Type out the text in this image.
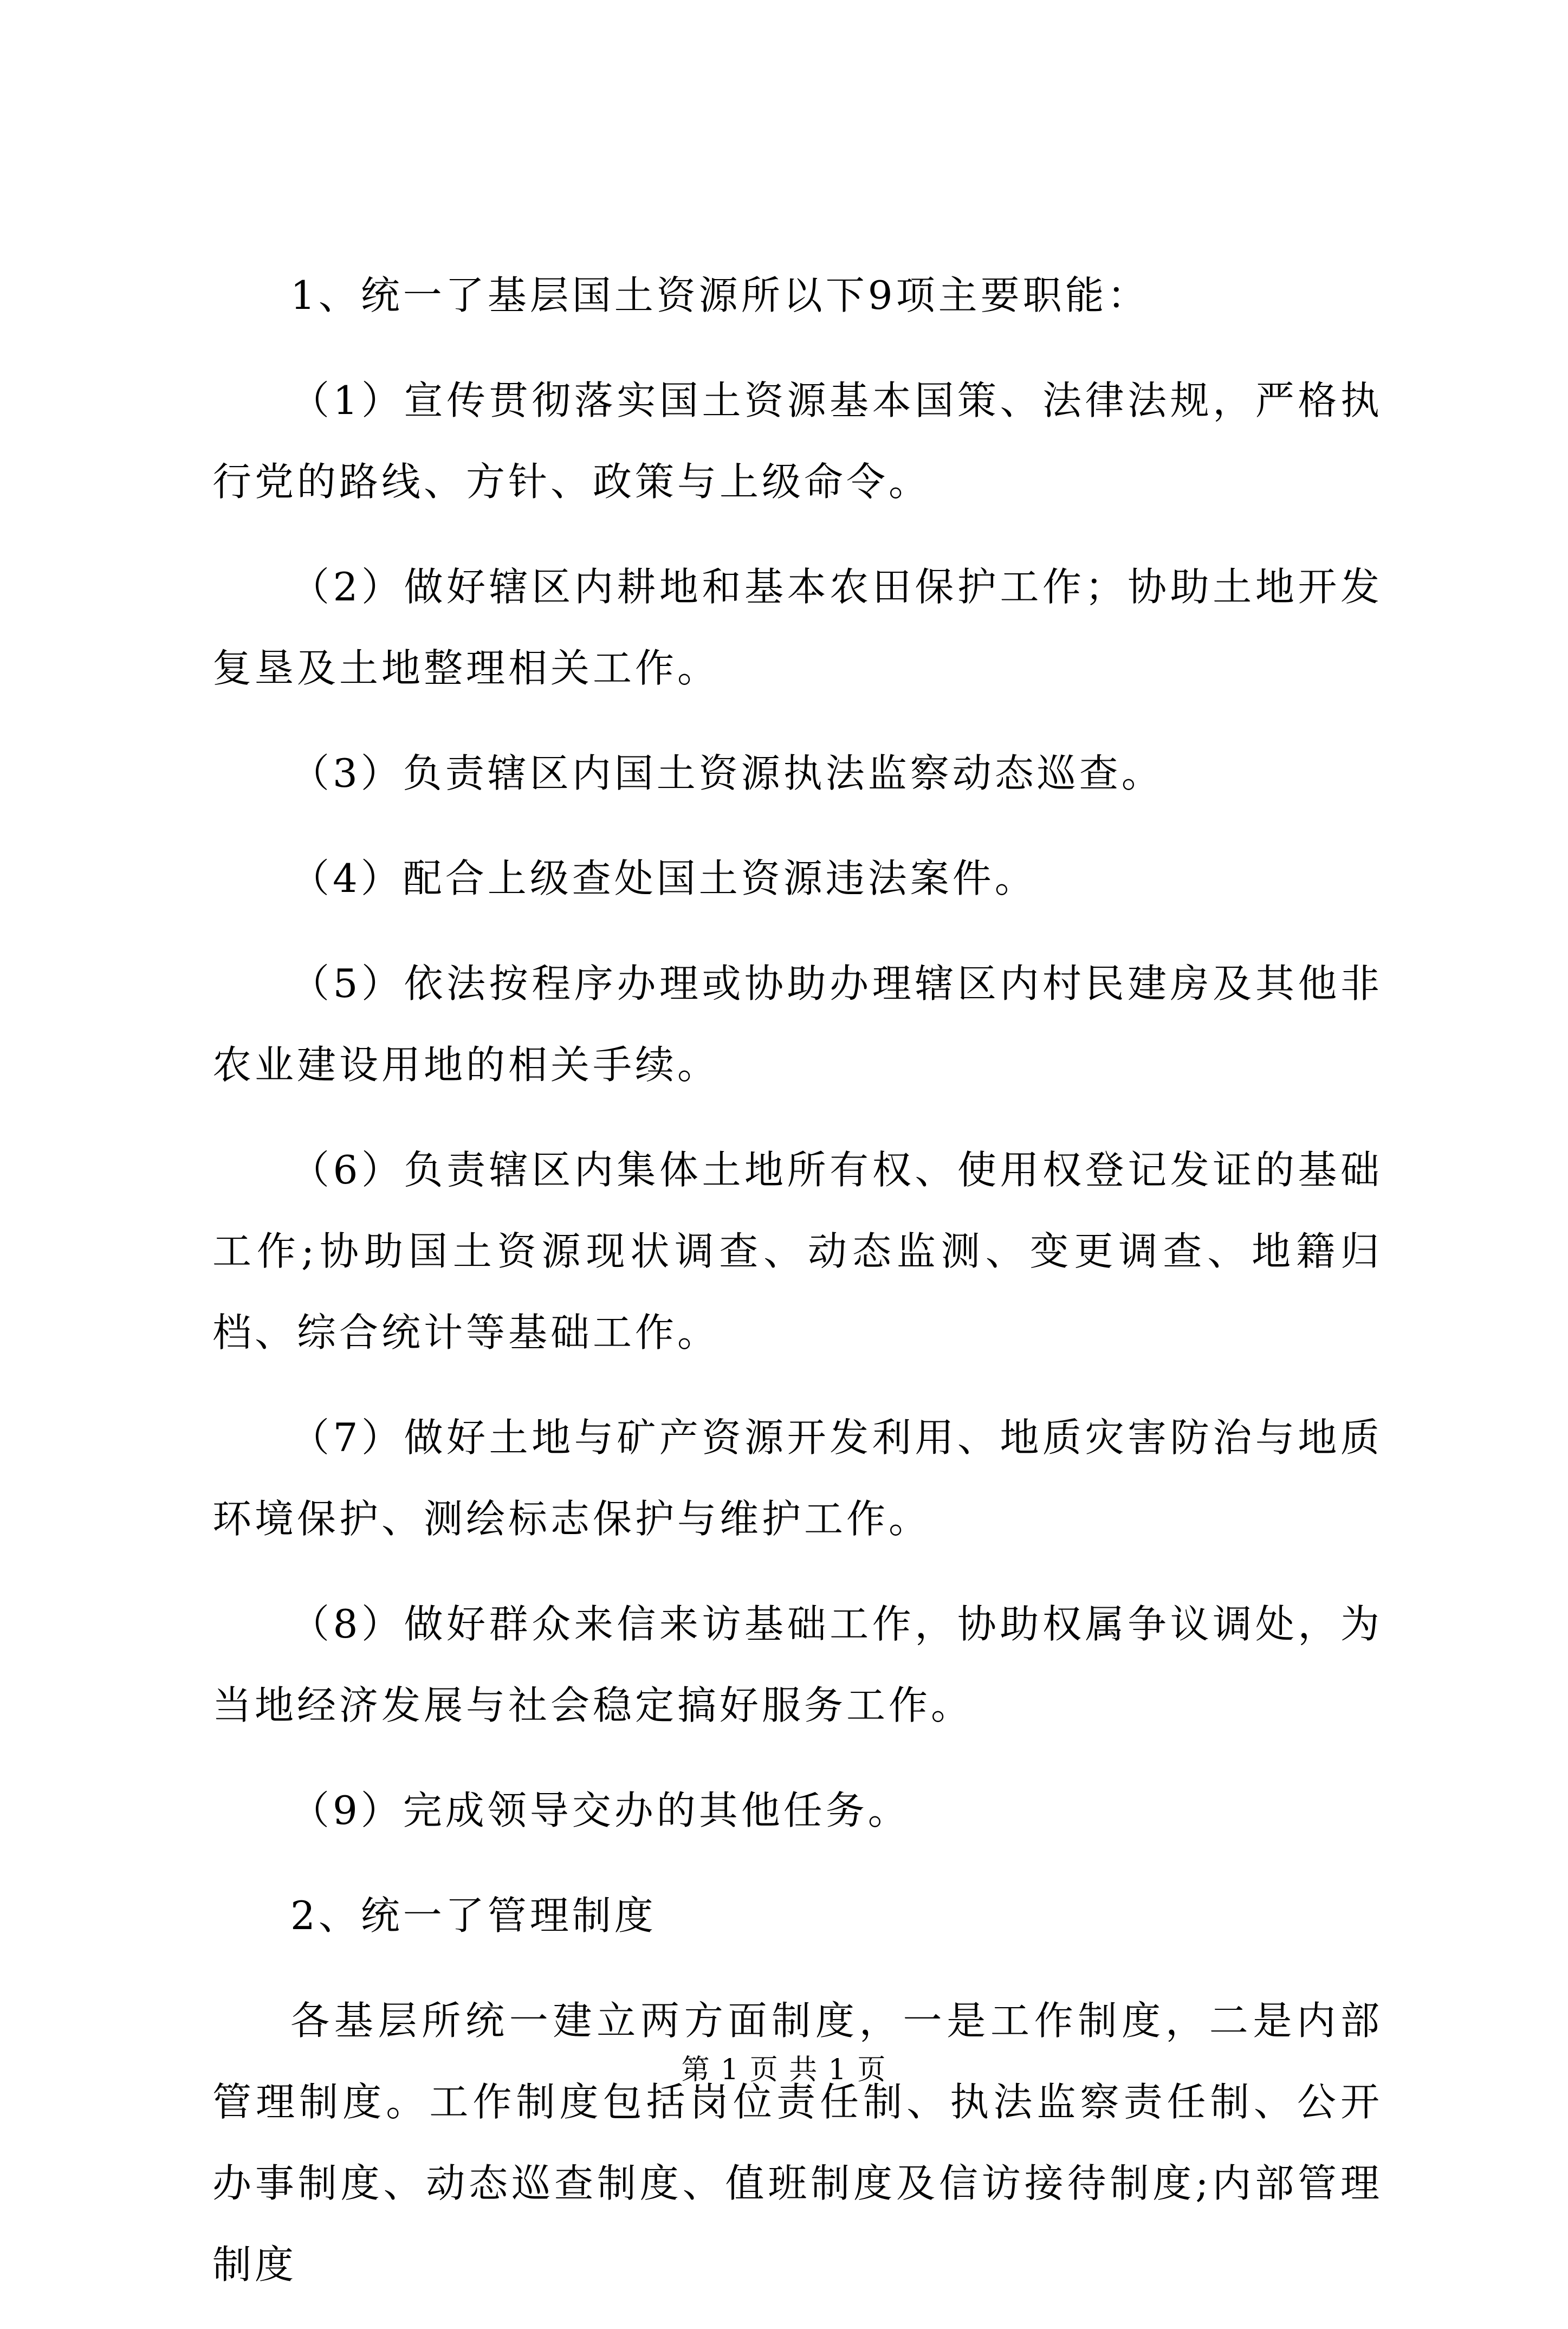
1、统一了基层国土资源所以下9项主要职能：

（1）宣传贯彻落实国土资源基本国策、法律法规，严格执行党的路线、方针、政策与上级命令。

（2）做好辖区内耕地和基本农田保护工作；协助土地开发复垦及土地整理相关工作。

（3）负责辖区内国土资源执法监察动态巡查。

（4）配合上级查处国土资源违法案件。

（5）依法按程序办理或协助办理辖区内村民建房及其他非农业建设用地的相关手续。

（6）负责辖区内集体土地所有权、使用权登记发证的基础工作;协助国土资源现状调查、动态监测、变更调查、地籍归档、综合统计等基础工作。

（7）做好土地与矿产资源开发利用、地质灾害防治与地质环境保护、测绘标志保护与维护工作。

（8）做好群众来信来访基础工作，协助权属争议调处，为当地经济发展与社会稳定搞好服务工作。

（9）完成领导交办的其他任务。

2、统一了管理制度

各基层所统一建立两方面制度，一是工作制度，二是内部管理制度。工作制度包括岗位责任制、执法监察责任制、公开办事制度、动态巡查制度、值班制度及信访接待制度;内部管理制度

第 1 页 共 1 页
